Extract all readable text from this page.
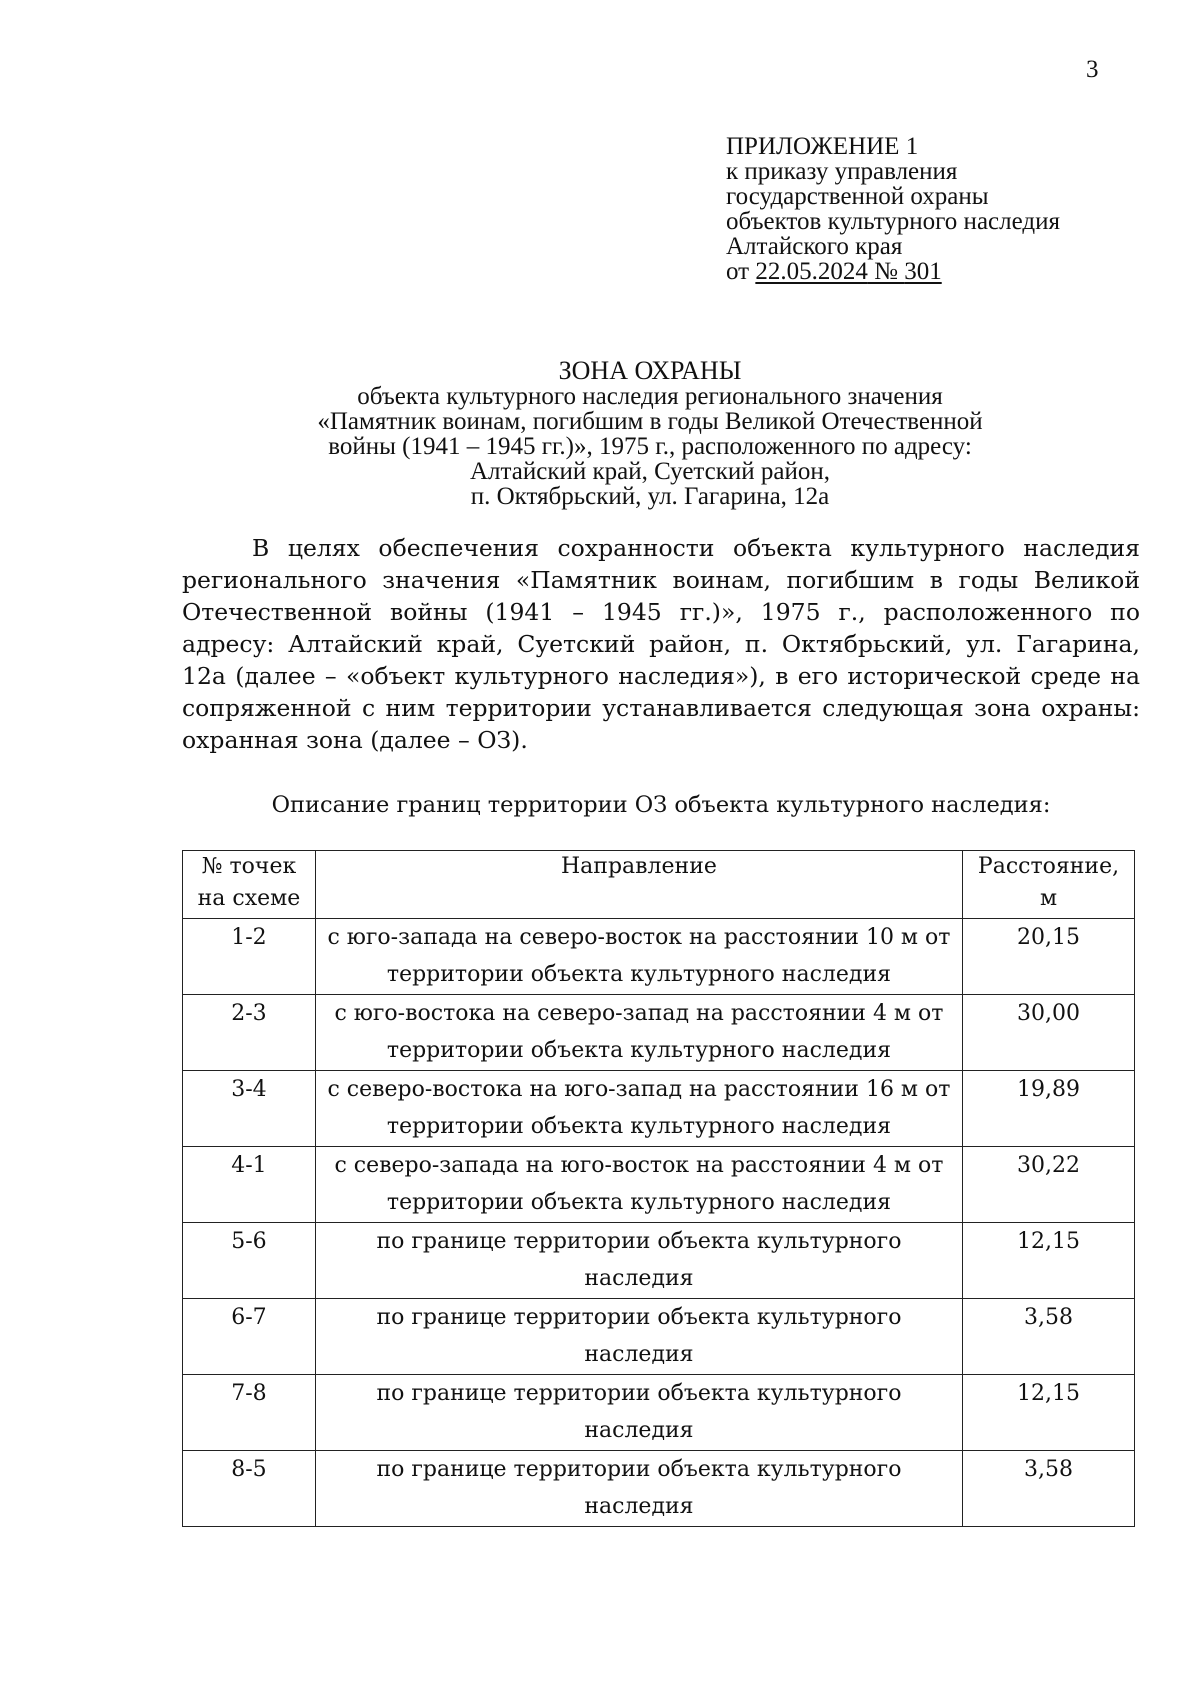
3
ПРИЛОЖЕНИЕ 1
к приказу управления
государственной охраны
объектов культурного наследия
Алтайского края
от 22.05.2024 № 301
ЗОНА ОХРАНЫ
объекта культурного наследия регионального значения
«Памятник воинам, погибшим в годы Великой Отечественной
войны (1941 – 1945 гг.)», 1975 г., расположенного по адресу:
Алтайский край, Суетский район,
п. Октябрьский, ул. Гагарина, 12а

В целях обеспечения сохранности объекта культурного наследия регионального значения «Памятник воинам, погибшим в годы Великой Отечественной войны (1941 – 1945 гг.)», 1975 г., расположенного по адресу: Алтайский край, Суетский район, п. Октябрьский, ул. Гагарина, 12а (далее – «объект культурного наследия»), в его исторической среде на сопряженной с ним территории устанавливается следующая зона охраны: охранная зона (далее – ОЗ).

Описание границ территории ОЗ объекта культурного наследия:
№ точек на схеме	Направление	Расстояние, м
1-2	с юго-запада на северо-восток на расстоянии 10 м от территории объекта культурного наследия	20,15
2-3	с юго-востока на северо-запад на расстоянии 4 м от территории объекта культурного наследия	30,00
3-4	с северо-востока на юго-запад на расстоянии 16 м от территории объекта культурного наследия	19,89
4-1	с северо-запада на юго-восток на расстоянии 4 м от территории объекта культурного наследия	30,22
5-6	по границе территории объекта культурного наследия	12,15
6-7	по границе территории объекта культурного наследия	3,58
7-8	по границе территории объекта культурного наследия	12,15
8-5	по границе территории объекта культурного наследия	3,58
